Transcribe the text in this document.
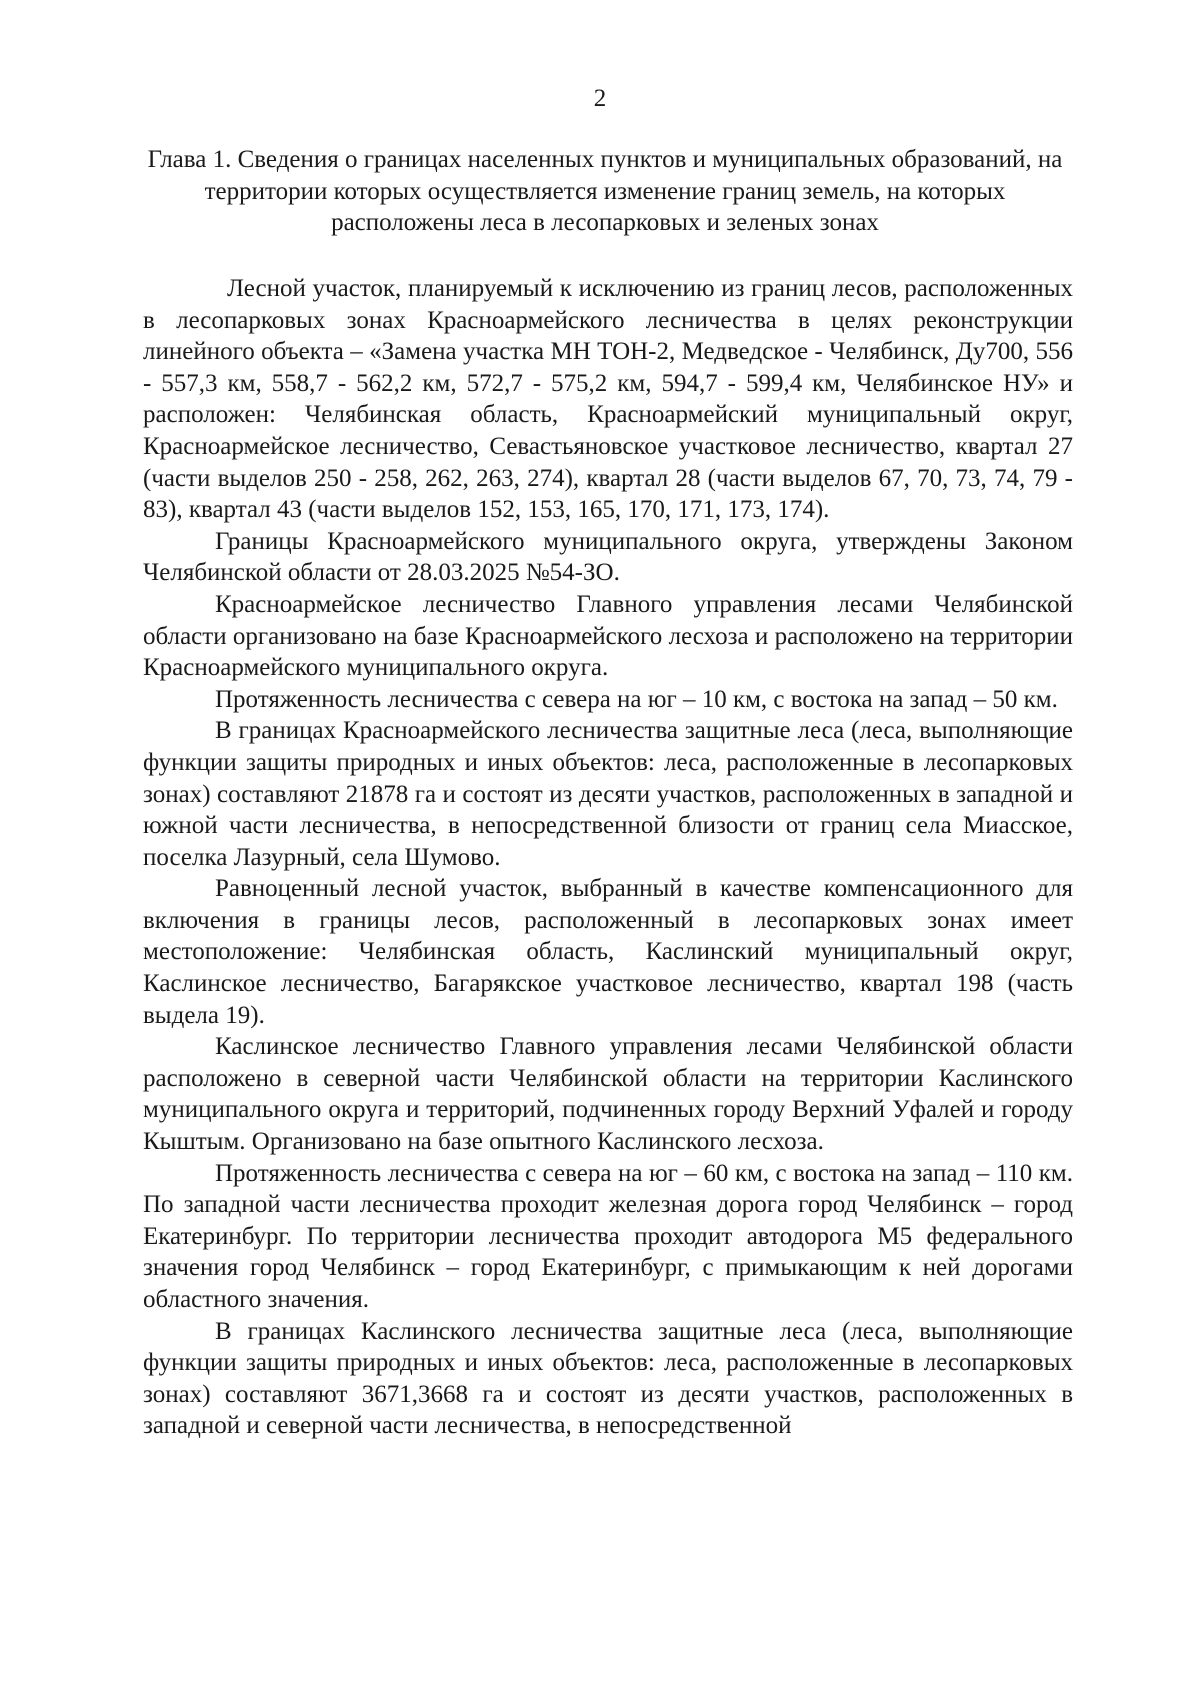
2
Глава 1. Сведения о границах населенных пунктов и муниципальных образований, на территории которых осуществляется изменение границ земель, на которых расположены леса в лесопарковых и зеленых зонах

Лесной участок, планируемый к исключению из границ лесов, расположенных в лесопарковых зонах Красноармейского лесничества в целях реконструкции линейного объекта – «Замена участка МН ТОН-2, Медведское - Челябинск, Ду700, 556 - 557,3 км, 558,7 - 562,2 км, 572,7 - 575,2 км, 594,7 - 599,4 км, Челябинское НУ» и расположен: Челябинская область, Красноармейский муниципальный округ, Красноармейское лесничество, Севастьяновское участковое лесничество, квартал 27 (части выделов 250 - 258, 262, 263, 274), квартал 28 (части выделов 67, 70, 73, 74, 79 - 83), квартал 43 (части выделов 152, 153, 165, 170, 171, 173, 174).

Границы Красноармейского муниципального округа, утверждены Законом Челябинской области от 28.03.2025 №54-ЗО.

Красноармейское лесничество Главного управления лесами Челябинской области организовано на базе Красноармейского лесхоза и расположено на территории Красноармейского муниципального округа.

Протяженность лесничества с севера на юг – 10 км, с востока на запад – 50 км.

В границах Красноармейского лесничества защитные леса (леса, выполняющие функции защиты природных и иных объектов: леса, расположенные в лесопарковых зонах) составляют 21878 га и состоят из десяти участков, расположенных в западной и южной части лесничества, в непосредственной близости от границ села Миасское, поселка Лазурный, села Шумово.

Равноценный лесной участок, выбранный в качестве компенсационного для включения в границы лесов, расположенный в лесопарковых зонах имеет местоположение: Челябинская область, Каслинский муниципальный округ, Каслинское лесничество, Багарякское участковое лесничество, квартал 198 (часть выдела 19).

Каслинское лесничество Главного управления лесами Челябинской области расположено в северной части Челябинской области на территории Каслинского муниципального округа и территорий, подчиненных городу Верхний Уфалей и городу Кыштым. Организовано на базе опытного Каслинского лесхоза.

Протяженность лесничества с севера на юг – 60 км, с востока на запад – 110 км. По западной части лесничества проходит железная дорога город Челябинск – город Екатеринбург. По территории лесничества проходит автодорога М5 федерального значения город Челябинск – город Екатеринбург, с примыкающим к ней дорогами областного значения.

В границах Каслинского лесничества защитные леса (леса, выполняющие функции защиты природных и иных объектов: леса, расположенные в лесопарковых зонах) составляют 3671,3668 га и состоят из десяти участков, расположенных в западной и северной части лесничества, в непосредственной
